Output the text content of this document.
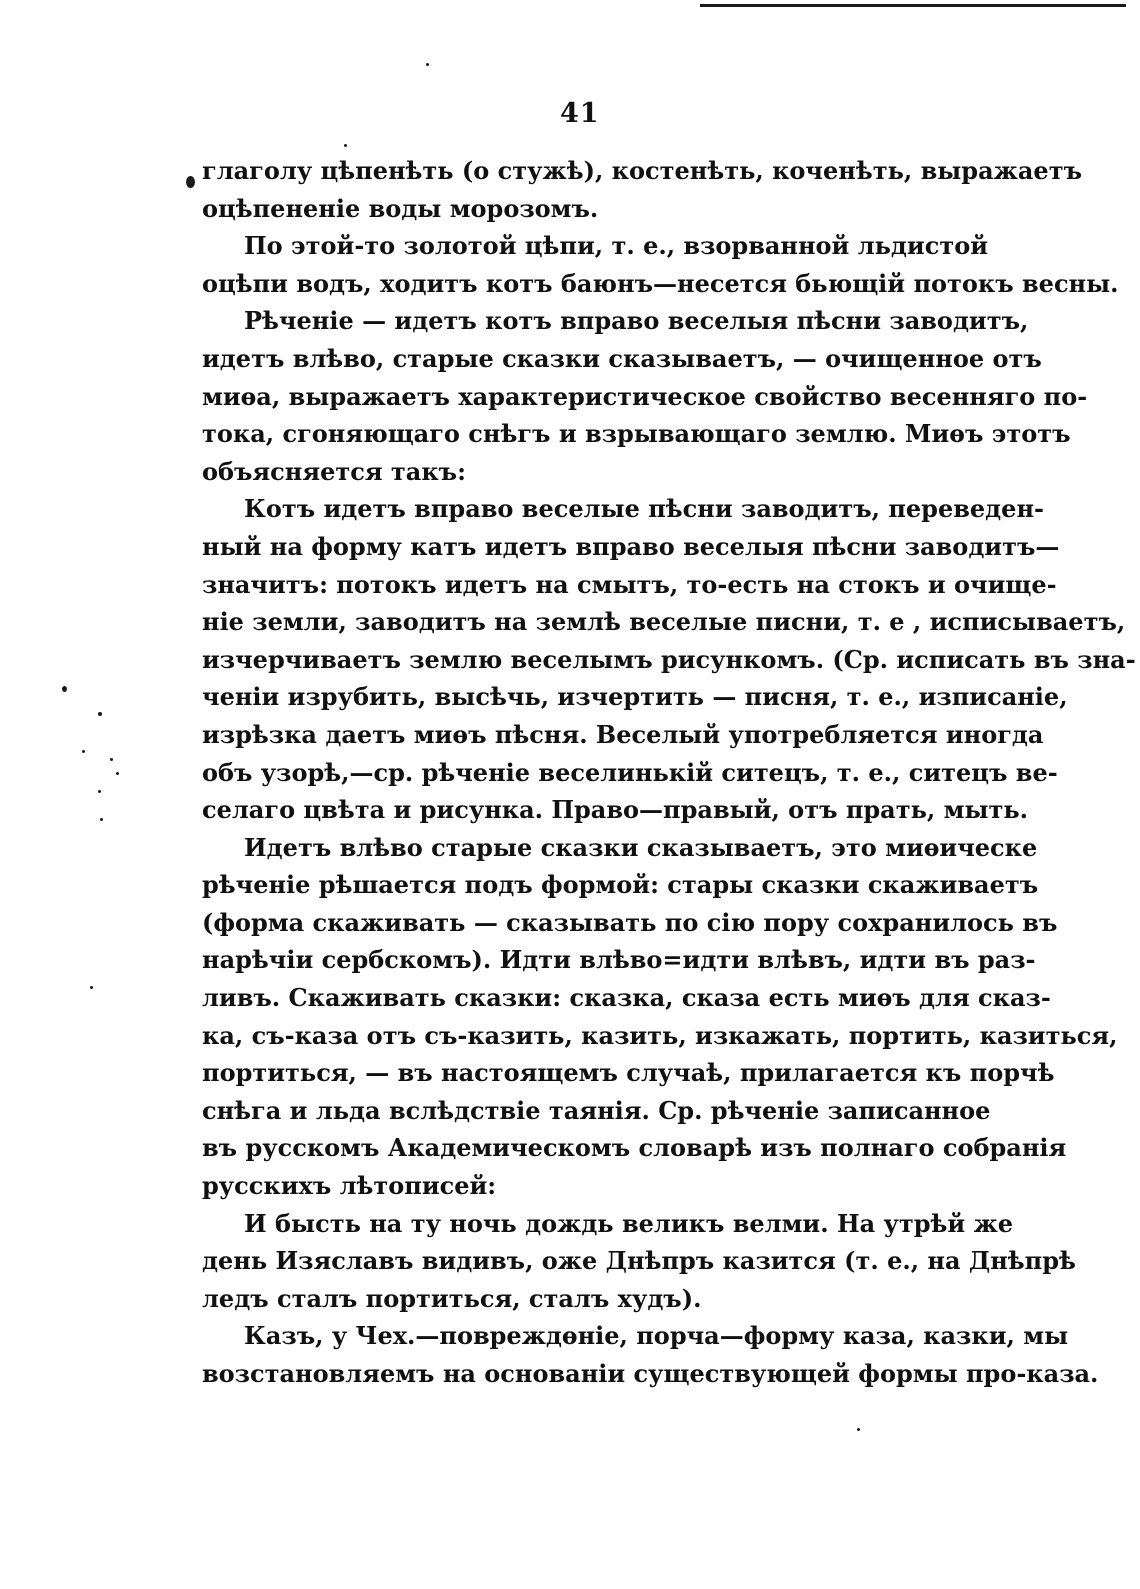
41
глаголу цѣпенѣть (о стужѣ), костенѣть, коченѣть, выражаетъ
оцѣпененіе воды морозомъ.
По этой-то золотой цѣпи, т. е., взорванной льдистой
оцѣпи водъ, ходитъ котъ баюнъ—несется бьющій потокъ весны.
Рѣченіе — идетъ котъ вправо веселыя пѣсни заводитъ,
идетъ влѣво, старые сказки сказываетъ, — очищенное отъ
миѳа, выражаетъ характеристическое свойство весенняго по-
тока, сгоняющаго снѣгъ и взрывающаго землю. Миѳъ этотъ
объясняется такъ:
Котъ идетъ вправо веселые пѣсни заводитъ, переведен-
ный на форму катъ идетъ вправо веселыя пѣсни заводитъ—
значитъ: потокъ идетъ на смытъ, то-есть на стокъ и очище-
ніе земли, заводитъ на землѣ веселые писни, т. е , исписываетъ,
изчерчиваетъ землю веселымъ рисункомъ. (Ср. исписать въ зна-
ченіи изрубить, высѣчь, изчертить — писня, т. е., изписаніе,
изрѣзка даетъ миѳъ пѣсня. Веселый употребляется иногда
объ узорѣ,—ср. рѣченіе веселинькій ситецъ, т. е., ситецъ ве-
селаго цвѣта и рисунка. Право—правый, отъ прать, мыть.
Идетъ влѣво старые сказки сказываетъ, это миѳическе
рѣченіе рѣшается подъ формой: стары сказки скаживаетъ
(форма скаживать — сказывать по сію пору сохранилось въ
нарѣчіи сербскомъ). Идти влѣво=идти влѣвъ, идти въ раз-
ливъ. Скаживать сказки: сказка, сказа есть миѳъ для сказ-
ка, съ-каза отъ съ-казить, казить, изкажать, портить, казиться,
портиться, — въ настоящемъ случаѣ, прилагается къ порчѣ
снѣга и льда вслѣдствіе таянія. Ср. рѣченіе записанное
въ русскомъ Академическомъ словарѣ изъ полнаго собранія
русскихъ лѣтописей:
И бысть на ту ночь дождь великъ велми. На утрѣй же
день Изяславъ видивъ, оже Днѣпръ казится (т. е., на Днѣпрѣ
ледъ сталъ портиться, сталъ худъ).
Казъ, у Чех.—повреждѳніе, порча—форму каза, казки, мы
возстановляемъ на основаніи существующей формы про-каза.
